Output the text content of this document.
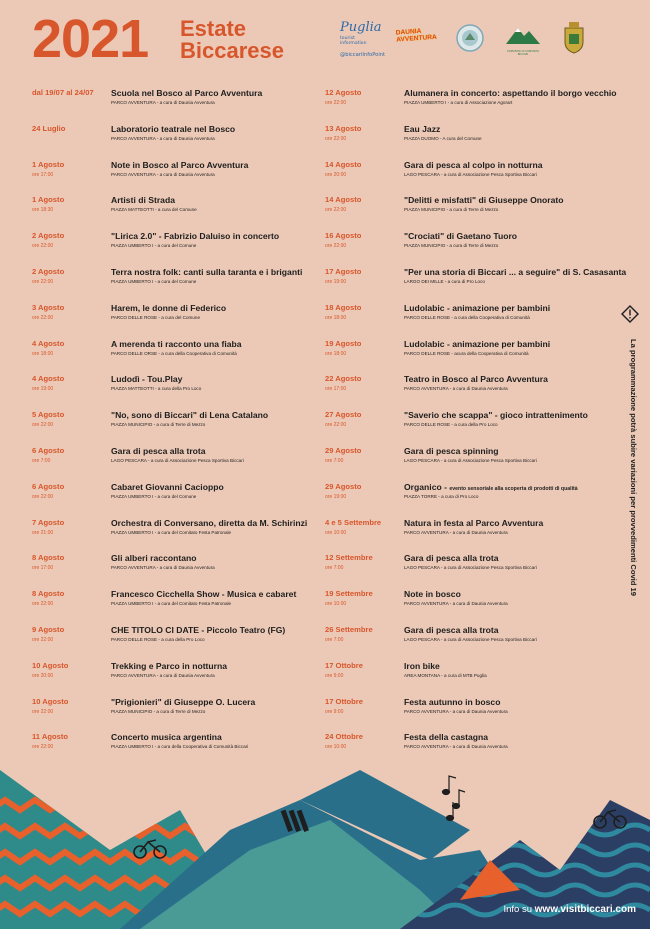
2021 Estate
Biccarese
Puglia
tourist information
@biccariInfoPoint
DAUNIA AVVENTURA
COMUNITÀ DI COMUNITÀ BICCARI
dal 19/07 al 24/07 Scuola nel Bosco al Parco Avventura
PARCO AVVENTURA - a cura di Daunia Avventura
24 Luglio	Laboratorio teatrale nel Bosco
PARCO AVVENTURA - a cura di Daunia Avventura
1 Agosto
ore 17:00
Note in Bosco al Parco Avventura
PARCO AVVENTURA - a cura di Daunia Avventura
1 Agosto
ore 18:30
Artisti di Strada
PIAZZA MATTEOTTI - a cura del Comune
2 Agosto
ore 22:00
"Lirica 2.0" - Fabrizio Daluiso in concerto
PIAZZA UMBERTO I - a cura del Comune
2 Agosto
ore 22:00
Terra nostra folk: canti sulla taranta e i briganti
PIAZZA UMBERTO I - a cura del Comune
3 Agosto
ore 22:00
Harem, le donne di Federico
PARCO DELLE ROSE - a cura del Comune
4 Agosto
ore 18:00
A merenda ti racconto una fiaba
PARCO DELLE ORSE - a cura della Cooperativa di Comunità
4 Agosto
ore 19:00
Ludodì - Tou.Play
PIAZZA MATTEOTTI - a cura della Pro Loco
5 Agosto
ore 22:00
"No, sono di Biccari" di Lena Catalano
PIAZZA MUNICIPIO - a cura di Terre di Mezzo
6 Agosto
ore 7:00
Gara di pesca alla trota
LAGO PESCARA - a cura di Associazione Pesca Sportiva Biccari
6 Agosto
ore 22:00
Cabaret Giovanni Cacioppo
PIAZZA UMBERTO I - a cura del Comune
7 Agosto
ore 21:00
Orchestra di Conversano, diretta da M. Schirinzi
PIAZZA UMBERTO I - a cura del Comitato Festa Patronale
8 Agosto
ore 17:00
Gli alberi raccontano
PARCO AVVENTURA - a cura di Daunia Avventura
8 Agosto
ore 22:00
Francesco Cicchella Show - Musica e cabaret
PIAZZA UMBERTO I - a cura del Comitato Festa Patronale
9 Agosto
ore 22:00
CHE TITOLO CI DATE - Piccolo Teatro (FG)
PARCO DELLE ROSE - a cura della Pro Loco
10 Agosto
ore 20:00
Trekking e Parco in notturna
PARCO AVVENTURA - a cura di Daunia Avventura
10 Agosto
ore 22:00
"Prigionieri" di Giuseppe O. Lucera
PIAZZA MUNICIPIO - a cura di Terre di Mezzo
11 Agosto
ore 22:00
Concerto musica argentina
PIAZZA UMBERTO I - a cura della Cooperativa di Comunità Biccari
12 Agosto
ore 22:00
Alumanera in concerto: aspettando il borgo vecchio
PIAZZA UMBERTO I - a cura di Associazione Agorart
13 Agosto
ore 22:00
Eau Jazz
PIAZZA DUOMO - A cura del Comune
14 Agosto
ore 20:00
Gara di pesca al colpo in notturna
LAGO PESCARA - a cura di Associazione Pesca Sportiva Biccari
14 Agosto
ore 22:00
"Delitti e misfatti" di Giuseppe Onorato
PIAZZA MUNICIPIO - a cura di Terre di Mezzo
16 Agosto
ore 22:00
"Crociati" di Gaetano Tuoro
PIAZZA MUNICIPIO - a cura di Terre di Mezzo
17 Agosto
ore 19:00
"Per una storia di Biccari ... a seguire" di S. Casasanta
LARGO DEI MILLE - a cura di Pro Loco
18 Agosto
ore 18:00
Ludolabic - animazione per bambini
PARCO DELLE ROSE - a cura della Cooperativa di Comunità
19 Agosto
ore 18:00
Ludolabic - animazione per bambini
PARCO DELLE ROSE - acura della Cooperativa di Comunità
22 Agosto
ore 17:00
Teatro in Bosco al Parco Avventura
PARCO AVVENTURA - a cura di Daunia Avventura
27 Agosto
ore 22:00
"Saverio che scappa" - gioco intrattenimento
PARCO DELLE ROSE - a cura della Pro Loco
29 Agosto
ore 7:00
Gara di pesca spinning
LAGO PESCARA - a cura di Associazione Pesca Sportiva Biccari
29 Agosto
ore 19:00
Organico - evento sensoriale alla scoperta di prodotti di qualità
PIAZZA TORRE - a cura di Pro Loco
4 e 5 Settembre
ore 10:00
Natura in festa al Parco Avventura
PARCO AVVENTURA - a cura di Daunia Avventura
12 Settembre
ore 7:00
Gara di pesca alla trota
LAGO PESCARA - a cura di Associazione Pesca Sportiva Biccari
19 Settembre
ore 10:00
Note in bosco
PARCO AVVENTURA - a cura di Daunia Avventura
26 Settembre
ore 7:00
Gara di pesca alla trota
LAGO PESCARA - a cura di Associazione Pesca Sportiva Biccari
17 Ottobre
ore 9:00
Iron bike
AREA MONTANA - a cura di MTB Puglia
17 Ottobre
ore 9:00
Festa autunno in bosco
PARCO AVVENTURA - a cura di Daunia Avventura
24 Ottobre
ore 10:00
Festa della castagna
PARCO AVVENTURA - a cura di Daunia Avventura
La programmazione potrà subire variazioni per provvedimenti Covid 19
Info su www.visitbiccari.com
